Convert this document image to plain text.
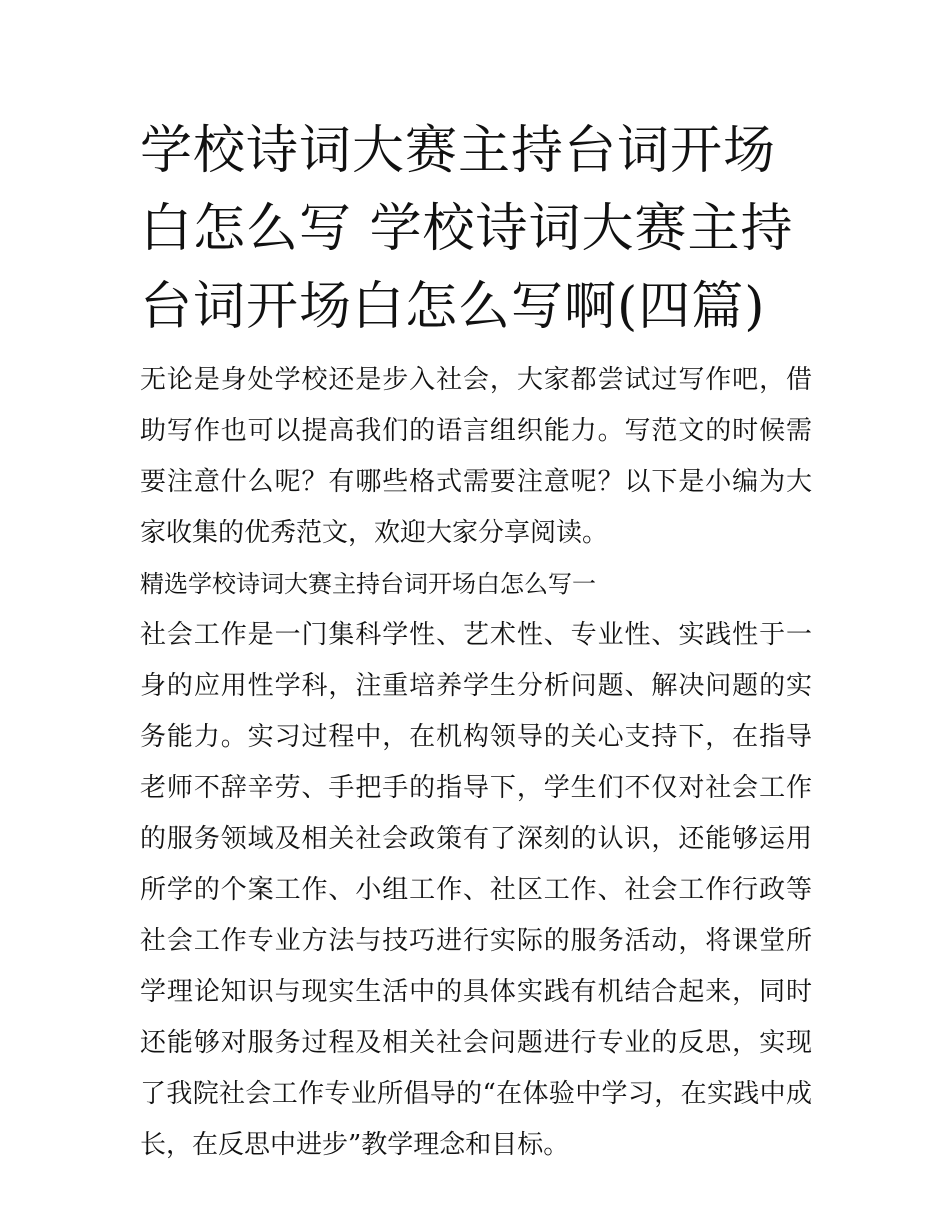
学校诗词大赛主持台词开场白怎么写 学校诗词大赛主持台词开场白怎么写啊(四篇)

无论是身处学校还是步入社会，大家都尝试过写作吧，借助写作也可以提高我们的语言组织能力。写范文的时候需要注意什么呢？有哪些格式需要注意呢？以下是小编为大家收集的优秀范文，欢迎大家分享阅读。

精选学校诗词大赛主持台词开场白怎么写一

社会工作是一门集科学性、艺术性、专业性、实践性于一身的应用性学科，注重培养学生分析问题、解决问题的实务能力。实习过程中，在机构领导的关心支持下，在指导老师不辞辛劳、手把手的指导下，学生们不仅对社会工作的服务领域及相关社会政策有了深刻的认识，还能够运用所学的个案工作、小组工作、社区工作、社会工作行政等社会工作专业方法与技巧进行实际的服务活动，将课堂所学理论知识与现实生活中的具体实践有机结合起来，同时还能够对服务过程及相关社会问题进行专业的反思，实现了我院社会工作专业所倡导的“在体验中学习，在实践中成长，在反思中进步”教学理念和目标。
